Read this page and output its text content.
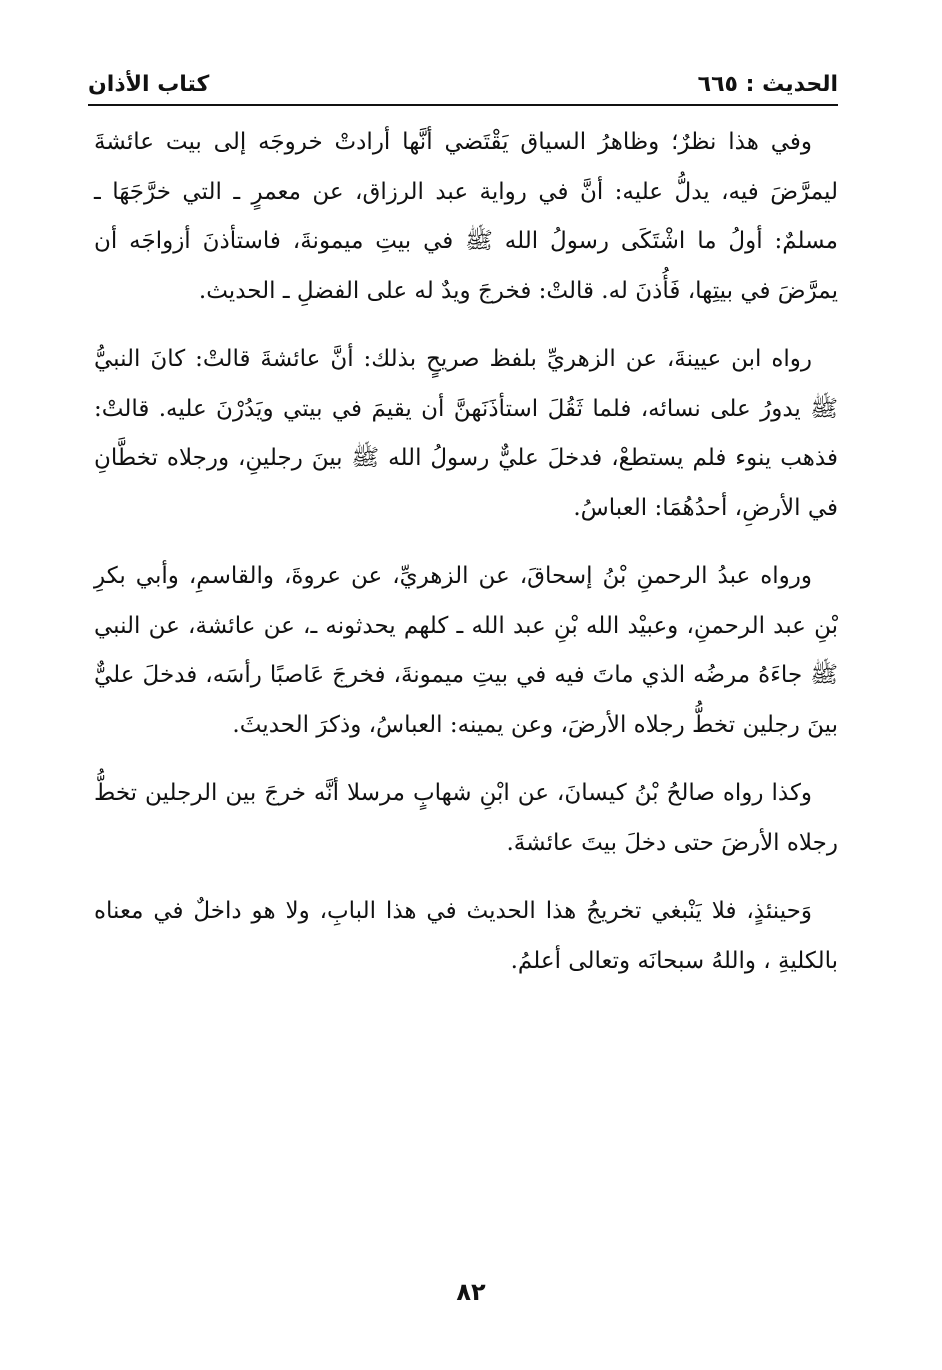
الحديث : ٦٦٥
كتاب الأذان

وفي هذا نظرٌ؛ وظاهرُ السياق يَقْتَضي أنَّها أرادتْ خروجَه إلى بيت عائشةَ ليمرَّضَ فيه، يدلُّ عليه: أنَّ في رواية عبد الرزاق، عن معمرٍ ـ التي خرَّجَهَا ـ مسلمٌ: أولُ ما اشْتَكَى رسولُ الله ﷺ في بيتِ ميمونةَ، فاستأذنَ أزواجَه أن يمرَّضَ في بيتِها، فَأُذنَ له. قالتْ: فخرجَ ويدٌ له على الفضلِ ـ الحديث.

رواه ابن عيينةَ، عن الزهريِّ بلفظ صريحٍ بذلك: أنَّ عائشةَ قالتْ: كانَ النبيُّ ﷺ يدورُ على نسائه، فلما ثَقُلَ استأذَنَهنَّ أن يقيمَ في بيتي ويَدُرْنَ عليه. قالتْ: فذهب ينوء فلم يستطعْ، فدخلَ عليٌّ رسولُ الله ﷺ بينَ رجلينِ، ورجلاه تخطَّانِ في الأرضِ، أحدُهُمَا: العباسُ.

ورواه عبدُ الرحمنِ بْنُ إسحاقَ، عن الزهريِّ، عن عروةَ، والقاسمِ، وأبي بكرِ بْنِ عبد الرحمنِ، وعبيْد الله بْنِ عبد الله ـ كلهم يحدثونه ـ، عن عائشة، عن النبي ﷺ جاءَهُ مرضُه الذي ماتَ فيه في بيتِ ميمونةَ، فخرجَ عَاصبًا رأسَه، فدخلَ عليٌّ بينَ رجلين تخطُّ رجلاه الأرضَ، وعن يمينه: العباسُ، وذكرَ الحديثَ.

وكذا رواه صالحُ بْنُ كيسانَ، عن ابْنِ شهابٍ مرسلا أنَّه خرجَ بين الرجلين تخطُّ رجلاه الأرضَ حتى دخلَ بيتَ عائشةَ.

وَحينئذٍ، فلا يَنْبغي تخريجُ هذا الحديث في هذا البابِ، ولا هو داخلٌ في معناه بالكليةِ ، واللهُ سبحانَه وتعالى أعلمُ.

٨٢
